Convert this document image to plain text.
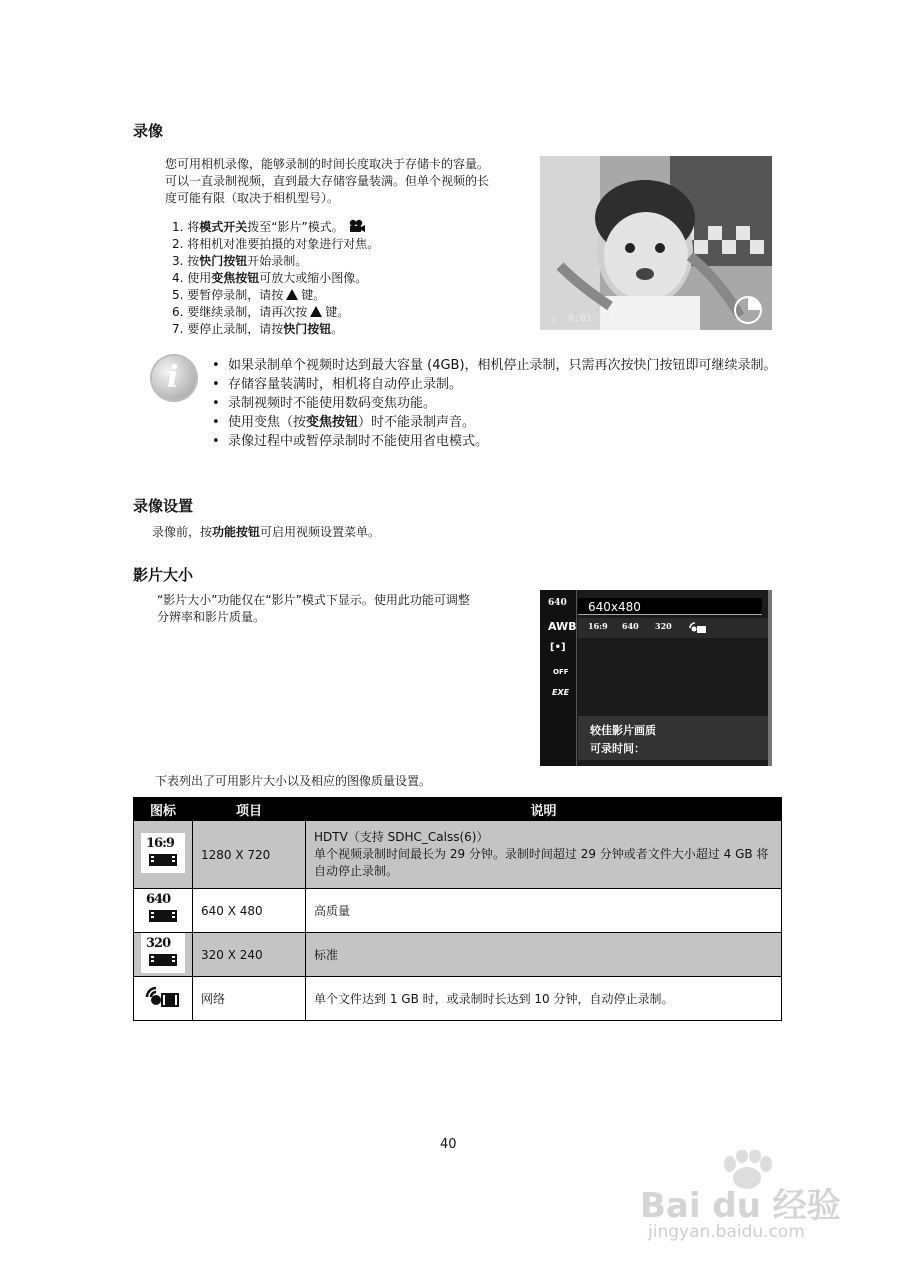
录像
您可用相机录像，能够录制的时间长度取决于存储卡的容量。
可以一直录制视频，直到最大存储容量装满。但单个视频的长
度可能有限（取决于相机型号）。
1. 将模式开关拨至“影片”模式。
2. 将相机对准要拍摄的对象进行对焦。
3. 按快门按钮开始录制。
4. 使用变焦按钮可放大或缩小图像。
5. 要暂停录制，请按 键。
6. 要继续录制，请再次按 键。
7. 要停止录制，请按快门按钮。
0:01:15
i	• 如果录制单个视频时达到最大容量 (4GB)，相机停止录制，只需再次按快门按钮即可继续录制。
• 存储容量装满时，相机将自动停止录制。
• 录制视频时不能使用数码变焦功能。
• 使用变焦（按变焦按钮）时不能录制声音。
• 录像过程中或暂停录制时不能使用省电模式。
录像设置
录像前，按功能按钮可启用视频设置菜单。
影片大小
“影片大小”功能仅在“影片”模式下显示。使用此功能可调整
分辨率和影片质量。
640
AWB
[•]
OFF
EXE
640x480
16:9 640 320
较佳影片画质
可录时间：
下表列出了可用影片大小以及相应的图像质量设置。
图标	项目	说明

16:9	1280 X 720	HDTV（支持 SDHC_Calss(6)）
单个视频录制时间最长为 29 分钟。录制时间超过 29 分钟或者文件大小超过 4 GB 将自动停止录制。

640	640 X 480	高质量

320	320 X 240	标准
	网络	单个文件达到 1 GB 时，或录制时长达到 10 分钟，自动停止录制。
40
Bai du 经验
jingyan.baidu.com
